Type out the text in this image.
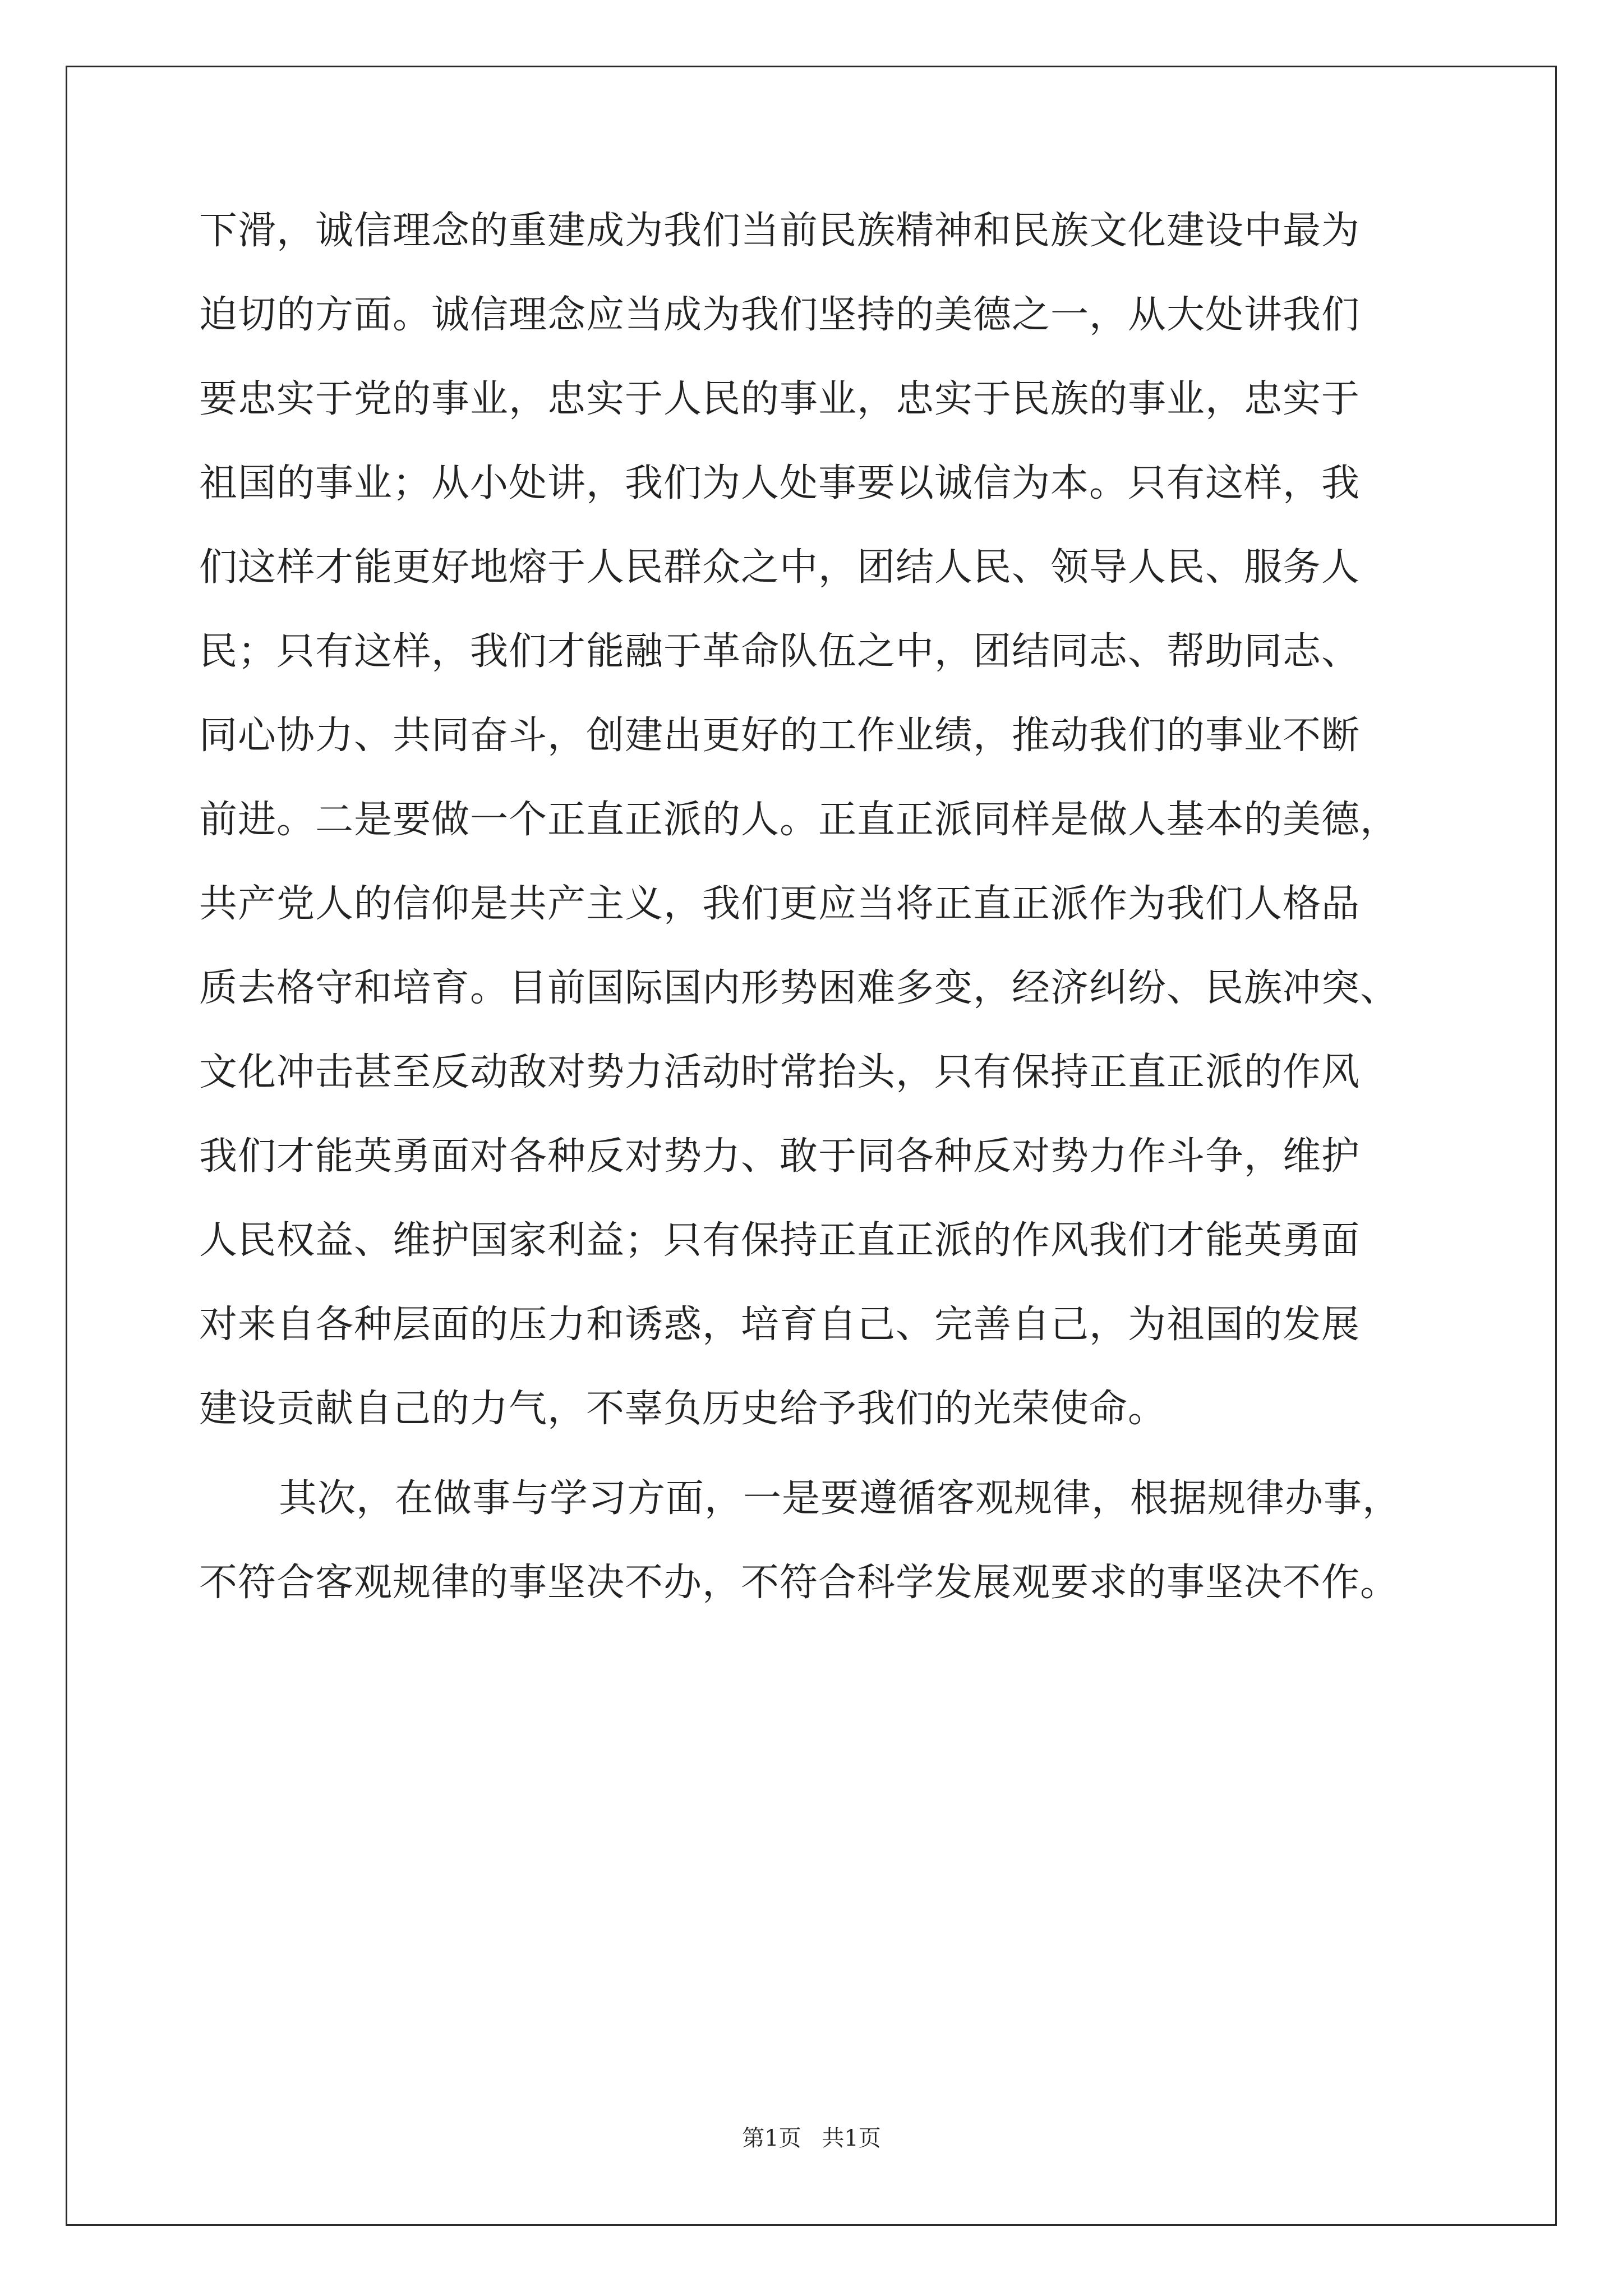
下滑，诚信理念的重建成为我们当前民族精神和民族文化建设中最为
迫切的方面。诚信理念应当成为我们坚持的美德之一，从大处讲我们
要忠实于党的事业，忠实于人民的事业，忠实于民族的事业，忠实于
祖国的事业；从小处讲，我们为人处事要以诚信为本。只有这样，我
们这样才能更好地熔于人民群众之中，团结人民、领导人民、服务人
民；只有这样，我们才能融于革命队伍之中，团结同志、帮助同志、
同心协力、共同奋斗，创建出更好的工作业绩，推动我们的事业不断
前进。二是要做一个正直正派的人。正直正派同样是做人基本的美德，
共产党人的信仰是共产主义，我们更应当将正直正派作为我们人格品
质去格守和培育。目前国际国内形势困难多变，经济纠纷、民族冲突、
文化冲击甚至反动敌对势力活动时常抬头，只有保持正直正派的作风
我们才能英勇面对各种反对势力、敢于同各种反对势力作斗争，维护
人民权益、维护国家利益；只有保持正直正派的作风我们才能英勇面
对来自各种层面的压力和诱惑，培育自己、完善自己，为祖国的发展
建设贡献自己的力气，不辜负历史给予我们的光荣使命。
其次，在做事与学习方面，一是要遵循客观规律，根据规律办事，
不符合客观规律的事坚决不办，不符合科学发展观要求的事坚决不作。
第1页 共1页
